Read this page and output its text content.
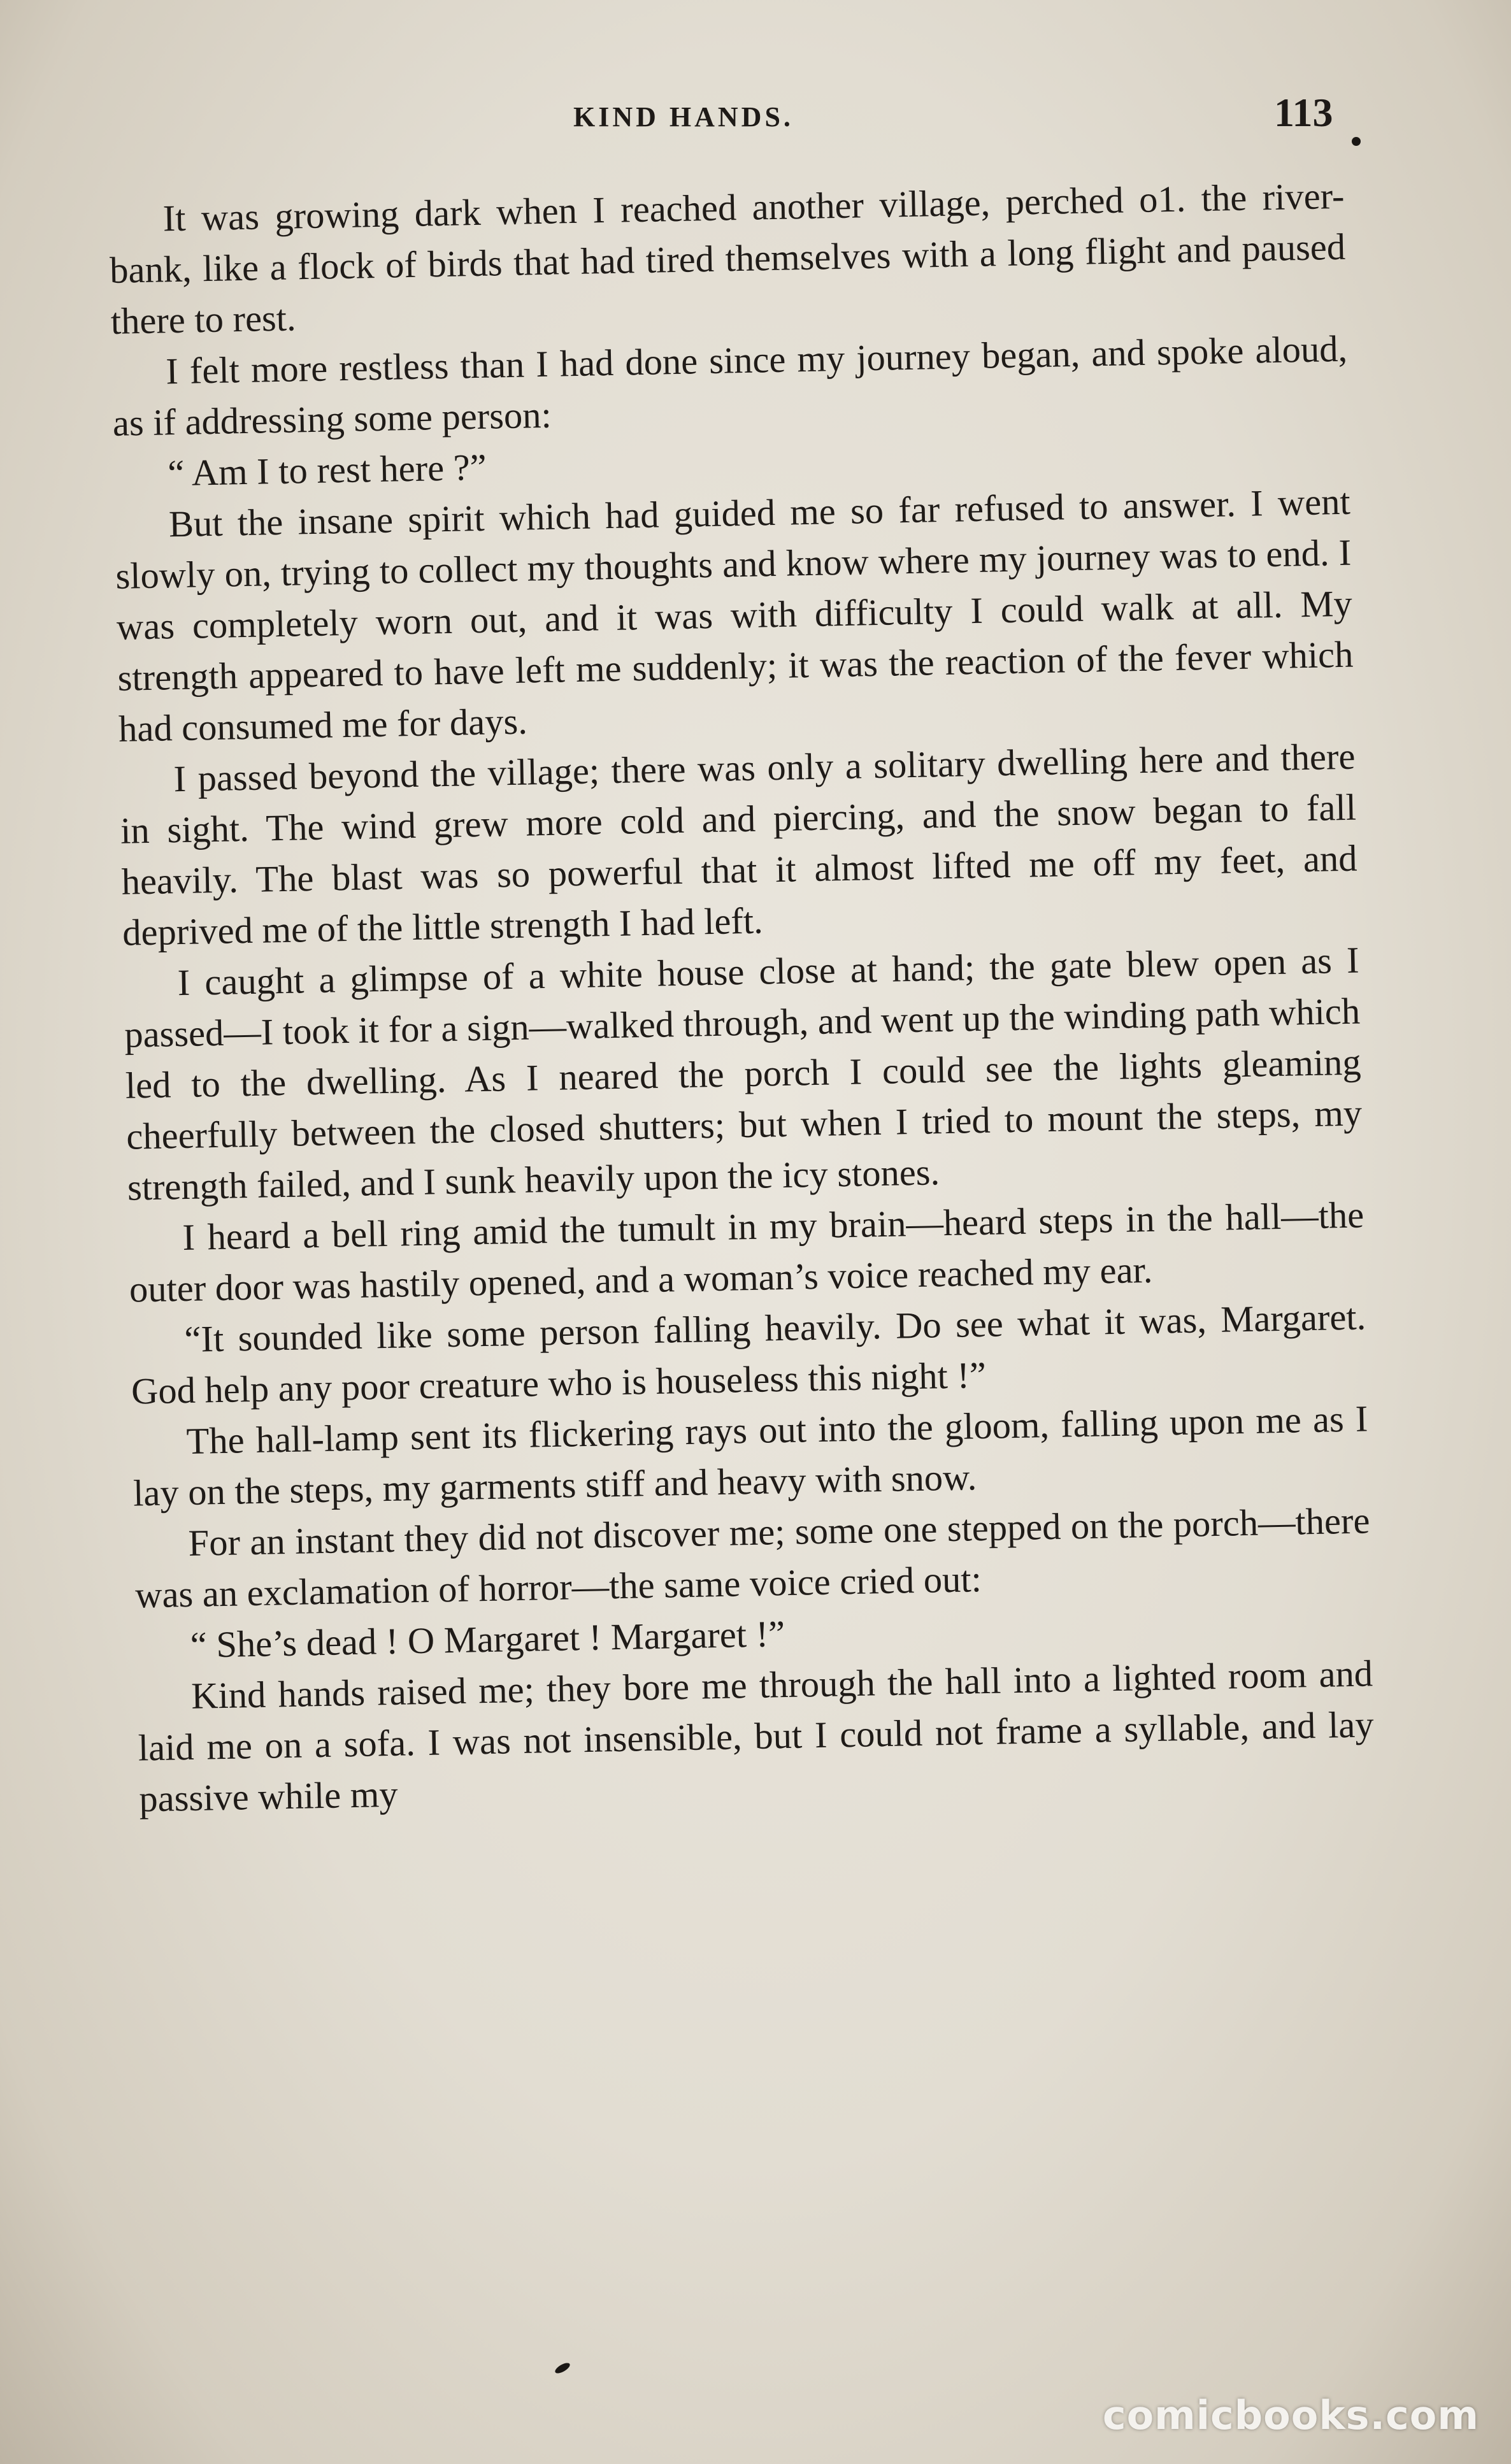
KIND HANDS.	113

It was growing dark when I reached another village, perched o1. the river-bank, like a flock of birds that had tired themselves with a long flight and paused there to rest.

I felt more restless than I had done since my journey began, and spoke aloud, as if addressing some person:

“ Am I to rest here ?”

But the insane spirit which had guided me so far refused to answer. I went slowly on, trying to collect my thoughts and know where my journey was to end. I was completely worn out, and it was with difficulty I could walk at all. My strength appeared to have left me suddenly; it was the reaction of the fever which had consumed me for days.

I passed beyond the village; there was only a solitary dwelling here and there in sight. The wind grew more cold and piercing, and the snow began to fall heavily. The blast was so powerful that it almost lifted me off my feet, and deprived me of the little strength I had left.

I caught a glimpse of a white house close at hand; the gate blew open as I passed—I took it for a sign—walked through, and went up the winding path which led to the dwelling. As I neared the porch I could see the lights gleaming cheerfully between the closed shutters; but when I tried to mount the steps, my strength failed, and I sunk heavily upon the icy stones.

I heard a bell ring amid the tumult in my brain—heard steps in the hall—the outer door was hastily opened, and a woman’s voice reached my ear.

“It sounded like some person falling heavily. Do see what it was, Margaret. God help any poor creature who is houseless this night !”

The hall-lamp sent its flickering rays out into the gloom, falling upon me as I lay on the steps, my garments stiff and heavy with snow.

For an instant they did not discover me; some one stepped on the porch—there was an exclamation of horror—the same voice cried out:

“ She’s dead ! O Margaret ! Margaret !”

Kind hands raised me; they bore me through the hall into a lighted room and laid me on a sofa. I was not insensible, but I could not frame a syllable, and lay passive while my

comicbooks.com
